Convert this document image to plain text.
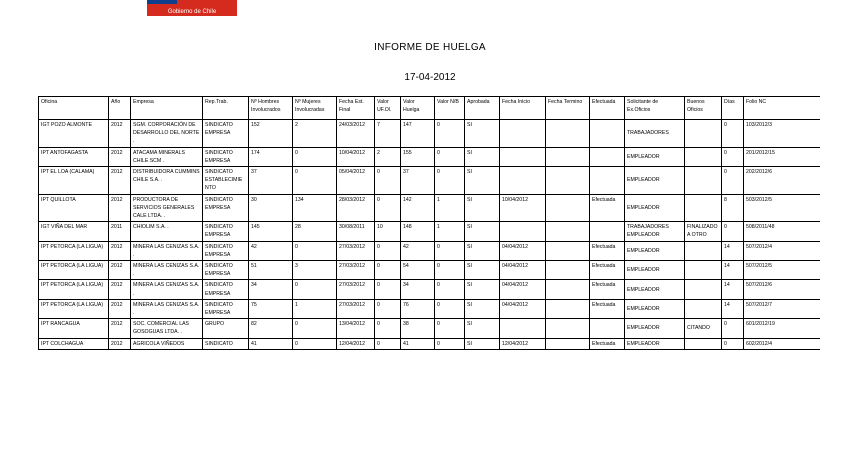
Gobierno de Chile
INFORME DE HUELGA
17-04-2012
Oficina	Año	Empresa	Rep.Trab.	Nº Hombres Involucrados	Nº Mujeres Involucradas	Fecha Est. Final	Valor UF.Ol.	Valor Huelga	Valor N/B	Aprobada	Fecha Inicio	Fecha Termino	Efectuada	Solicitante de Ex.Oficios	Buenos Oficios	Días	Folio NC
IGT POZO ALMONTE	2012	SGM. CORPORACIÓN DE DESARROLLO DEL NORTE .	SINDICATO EMPRESA	152	2	24/03/2012	7	147	0	SI				TRABAJADORES		0	103/2012/3
IPT ANTOFAGASTA	2012	ATACAMA MINERALS CHILE SCM .	SINDICATO EMPRESA	174	0	10/04/2012	2	155	0	SI				EMPLEADOR		0	201/2012/15
IPT EL LOA (CALAMA)	2012	DISTRIBUIDORA CUMMINS CHILE S.A. .	SINDICATO ESTABLECIMIENTO	37	0	05/04/2012	0	37	0	SI				EMPLEADOR		0	202/2012/6
IPT QUILLOTA	2012	PRODUCTORA DE SERVICIOS GENERALES CALE LTDA. .	SINDICATO EMPRESA	30	134	28/03/2012	0	142	1	SI	10/04/2012		Efectuada	EMPLEADOR		8	503/2012/5
IGT VIÑA DEL MAR	2011	CHIOLIM S.A. .	SINDICATO EMPRESA	145	28	30/08/2011	10	148	1	SI				TRABAJADORES EMPLEADOR	FINALIZADO A OTRO	0	508/2011/48
IPT PETORCA (LA LIGUA)	2012	MINERA LAS CENIZAS S.A. .	SINDICATO EMPRESA	42	0	27/03/2012	0	42	0	SI	04/04/2012		Efectuada	EMPLEADOR		14	507/2012/4
IPT PETORCA (LA LIGUA)	2012	MINERA LAS CENIZAS S.A. .	SINDICATO EMPRESA	51	3	27/03/2012	0	54	0	SI	04/04/2012		Efectuada	EMPLEADOR		14	507/2012/5
IPT PETORCA (LA LIGUA)	2012	MINERA LAS CENIZAS S.A. .	SINDICATO EMPRESA	34	0	27/03/2012	0	34	0	SI	04/04/2012		Efectuada	EMPLEADOR		14	507/2012/6
IPT PETORCA (LA LIGUA)	2012	MINERA LAS CENIZAS S.A. .	SINDICATO EMPRESA	75	1	27/03/2012	0	76	0	SI	04/04/2012		Efectuada	EMPLEADOR		14	507/2012/7
IPT RANCAGUA	2012	SOC. COMERCIAL LAS GOSOGUAS LTDA. .	GRUPO	82	0	13/04/2012	0	38	0	SI				EMPLEADOR	CITANDO	0	601/2012/19
IPT COLCHAGUA	2012	AGRICOLA VIÑEDOS	SINDICATO	41	0	12/04/2012	0	41	0	SI	12/04/2012		Efectuada	EMPLEADOR		0	602/2012/4
